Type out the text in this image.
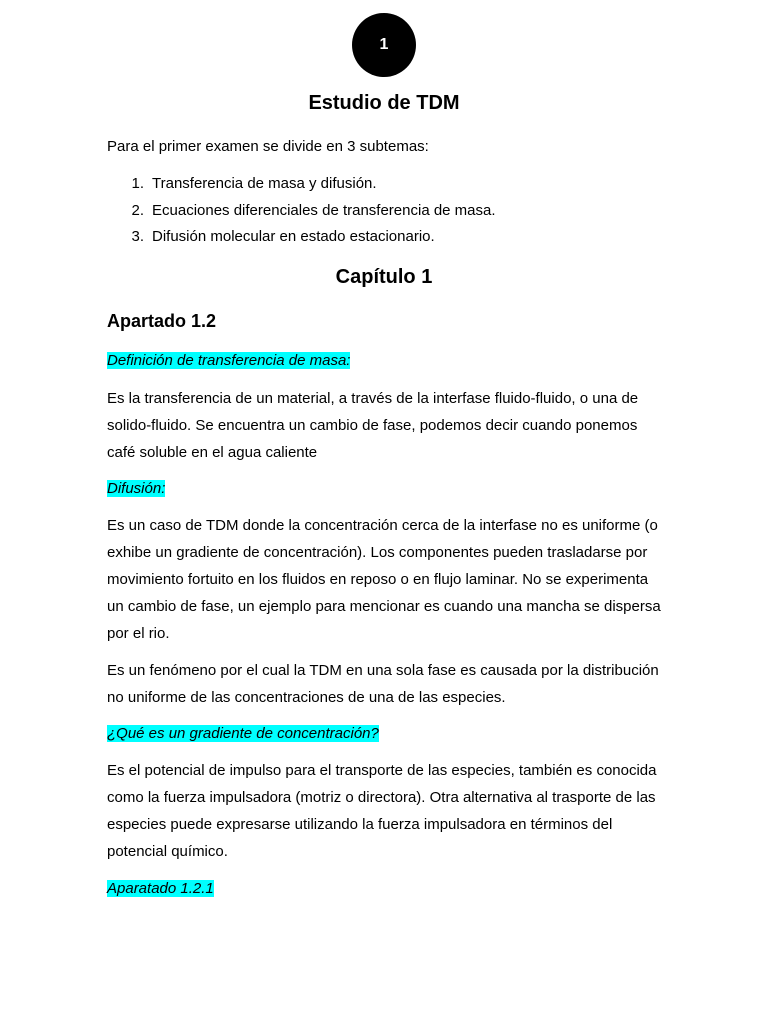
1
Estudio de TDM
Para el primer examen se divide en 3 subtemas:
1. Transferencia de masa y difusión.
2. Ecuaciones diferenciales de transferencia de masa.
3. Difusión molecular en estado estacionario.
Capítulo 1
Apartado 1.2
Definición de transferencia de masa:
Es la transferencia de un material, a través de la interfase fluido-fluido, o una de solido-fluido. Se encuentra un cambio de fase, podemos decir cuando ponemos café soluble en el agua caliente
Difusión:
Es un caso de TDM donde la concentración cerca de la interfase no es uniforme (o exhibe un gradiente de concentración). Los componentes pueden trasladarse por movimiento fortuito en los fluidos en reposo o en flujo laminar. No se experimenta un cambio de fase, un ejemplo para mencionar es cuando una mancha se dispersa por el rio.
Es un fenómeno por el cual la TDM en una sola fase es causada por la distribución no uniforme de las concentraciones de una de las especies.
¿Qué es un gradiente de concentración?
Es el potencial de impulso para el transporte de las especies, también es conocida como la fuerza impulsadora (motriz o directora). Otra alternativa al trasporte de las especies puede expresarse utilizando la fuerza impulsadora en términos del potencial químico.
Aparatado 1.2.1
